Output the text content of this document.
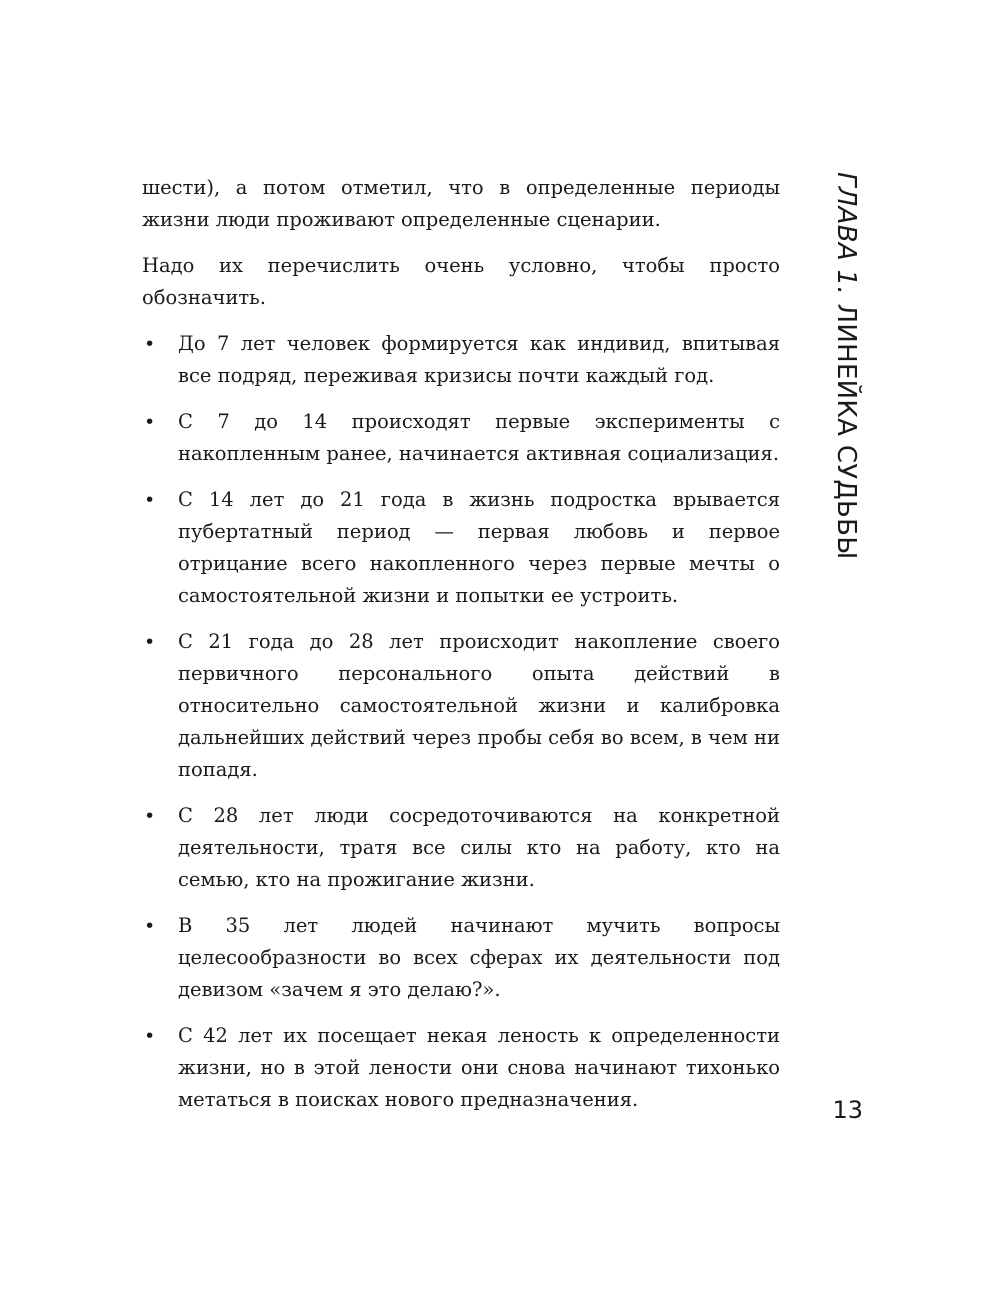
шести), а потом отметил, что в определенные периоды жизни люди проживают определенные сценарии.

Надо их перечислить очень условно, чтобы просто обозначить.

• До 7 лет человек формируется как индивид, впитывая все подряд, переживая кризисы почти каждый год.
• С 7 до 14 происходят первые эксперименты с накопленным ранее, начинается активная социализация.
• С 14 лет до 21 года в жизнь подростка врывается пубертатный период — первая любовь и первое отрицание всего накопленного через первые мечты о самостоятельной жизни и попытки ее устроить.
• С 21 года до 28 лет происходит накопление своего первичного персонального опыта действий в относительно самостоятельной жизни и калибровка дальнейших действий через пробы себя во всем, в чем ни попадя.
• С 28 лет люди сосредоточиваются на конкретной деятельности, тратя все силы кто на работу, кто на семью, кто на прожигание жизни.
• В 35 лет людей начинают мучить вопросы целесообразности во всех сферах их деятельности под девизом «зачем я это делаю?».
• С 42 лет их посещает некая леность к определенности жизни, но в этой лености они снова начинают тихонько метаться в поисках нового предназначения.
ГЛАВА 1. ЛИНЕЙКА СУДЬБЫ
13
